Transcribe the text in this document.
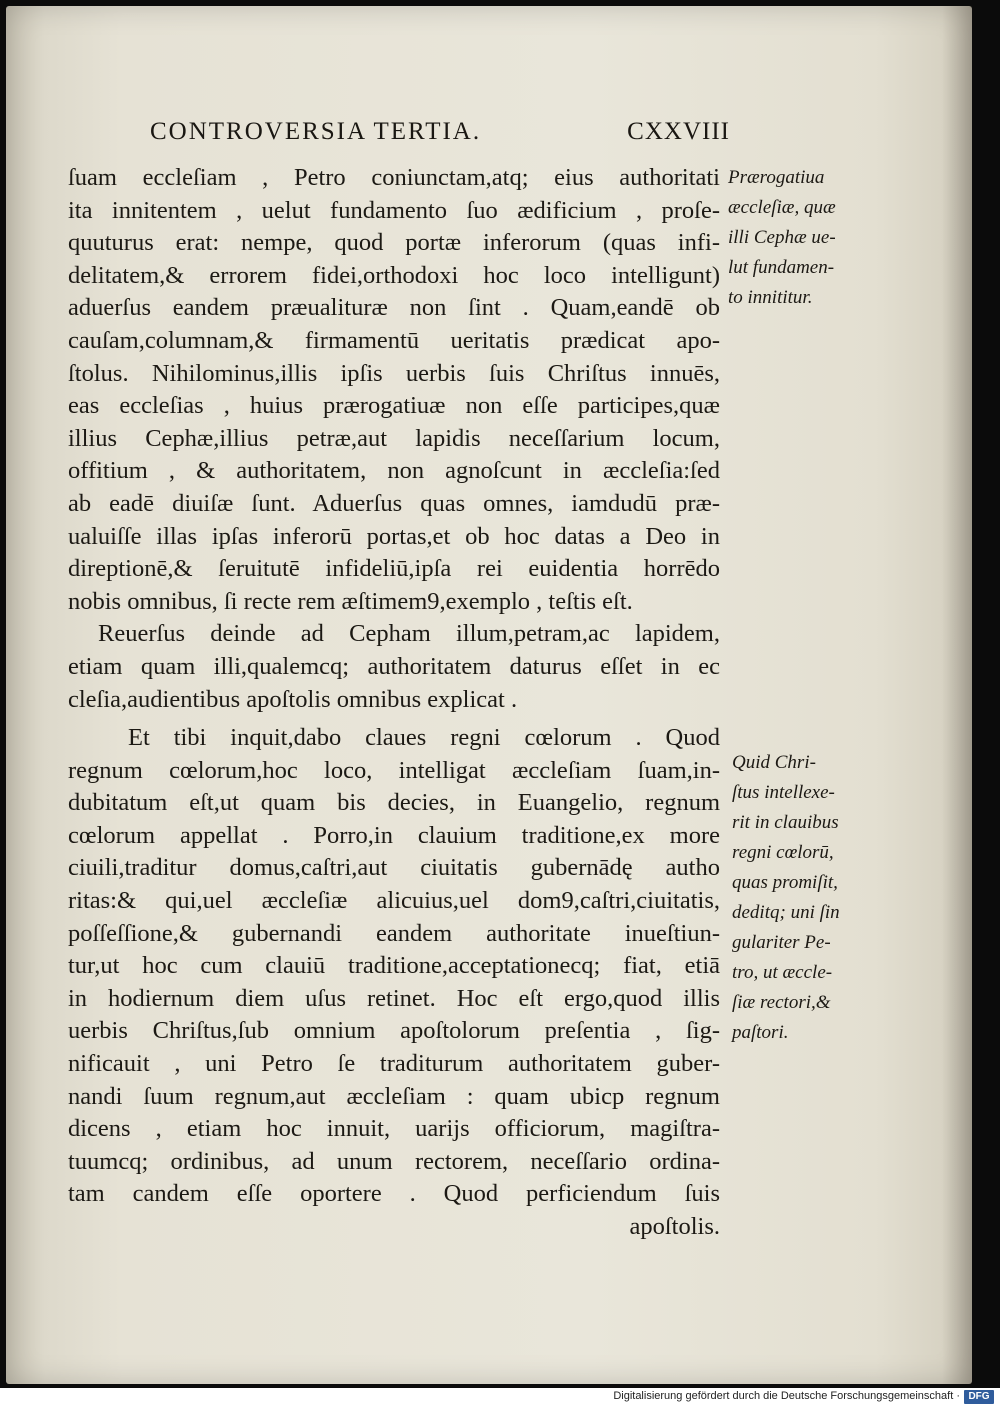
CONTROVERSIA TERTIA.	CXXVIII
ſuam eccleſiam , Petro coniunctam,atq; eius authoritati
ita innitentem , uelut fundamento ſuo ædificium , proſe-
quuturus erat: nempe, quod portæ inferorum (quas infi-
delitatem,& errorem fidei,orthodoxi hoc loco intelligunt)
aduerſus eandem præualituræ non ſint . Quam,eandē ob
cauſam,columnam,& firmamentū ueritatis prædicat apo-
ſtolus. Nihilominus,illis ipſis uerbis ſuis Chriſtus innuēs,
eas eccleſias , huius prærogatiuæ non eſſe participes,quæ
illius Cephæ,illius petræ,aut lapidis neceſſarium locum,
offitium , & authoritatem, non agnoſcunt in æccleſia:ſed
ab eadē diuiſæ ſunt. Aduerſus quas omnes, iamdudū præ-
ualuiſſe illas ipſas inferorū portas,et ob hoc datas a Deo in
direptionē,& ſeruitutē infideliū,ipſa rei euidentia horrēdo
nobis omnibus, ſi recte rem æſtimem9,exemplo , teſtis eſt.
Reuerſus deinde ad Cepham illum,petram,ac lapidem,
etiam quam illi,qualemcq; authoritatem daturus eſſet in ec
cleſia,audientibus apoſtolis omnibus explicat .
Et tibi inquit,dabo claues regni cœlorum . Quod
regnum cœlorum,hoc loco, intelligat æccleſiam ſuam,in-
dubitatum eſt,ut quam bis decies, in Euangelio, regnum
cœlorum appellat . Porro,in clauium traditione,ex more
ciuili,traditur domus,caſtri,aut ciuitatis gubernādę autho
ritas:& qui,uel æccleſiæ alicuius,uel dom9,caſtri,ciuitatis,
poſſeſſione,& gubernandi eandem authoritate inueſtiun-
tur,ut hoc cum clauiū traditione,acceptationecq; fiat, etiā
in hodiernum diem uſus retinet. Hoc eſt ergo,quod illis
uerbis Chriſtus,ſub omnium apoſtolorum preſentia , ſig-
nificauit , uni Petro ſe traditurum authoritatem guber-
nandi ſuum regnum,aut æccleſiam : quam ubicp regnum
dicens , etiam hoc innuit, uarijs officiorum, magiſtra-
tuumcq; ordinibus, ad unum rectorem, neceſſario ordina-
tam candem eſſe oportere . Quod perficiendum ſuis
apoſtolis.
Prærogatiua
æccleſiæ, quæ
illi Cephæ ue-
lut fundamen-
to innititur.
Quid Chri-
ſtus intellexe-
rit in clauibus
regni cœlorū,
quas promiſit,
deditq; uni ſin
gulariter Pe-
tro, ut æccle-
ſiæ rectori,&
paſtori.
Digitalisierung gefördert durch die Deutsche Forschungsgemeinschaft · DFG
